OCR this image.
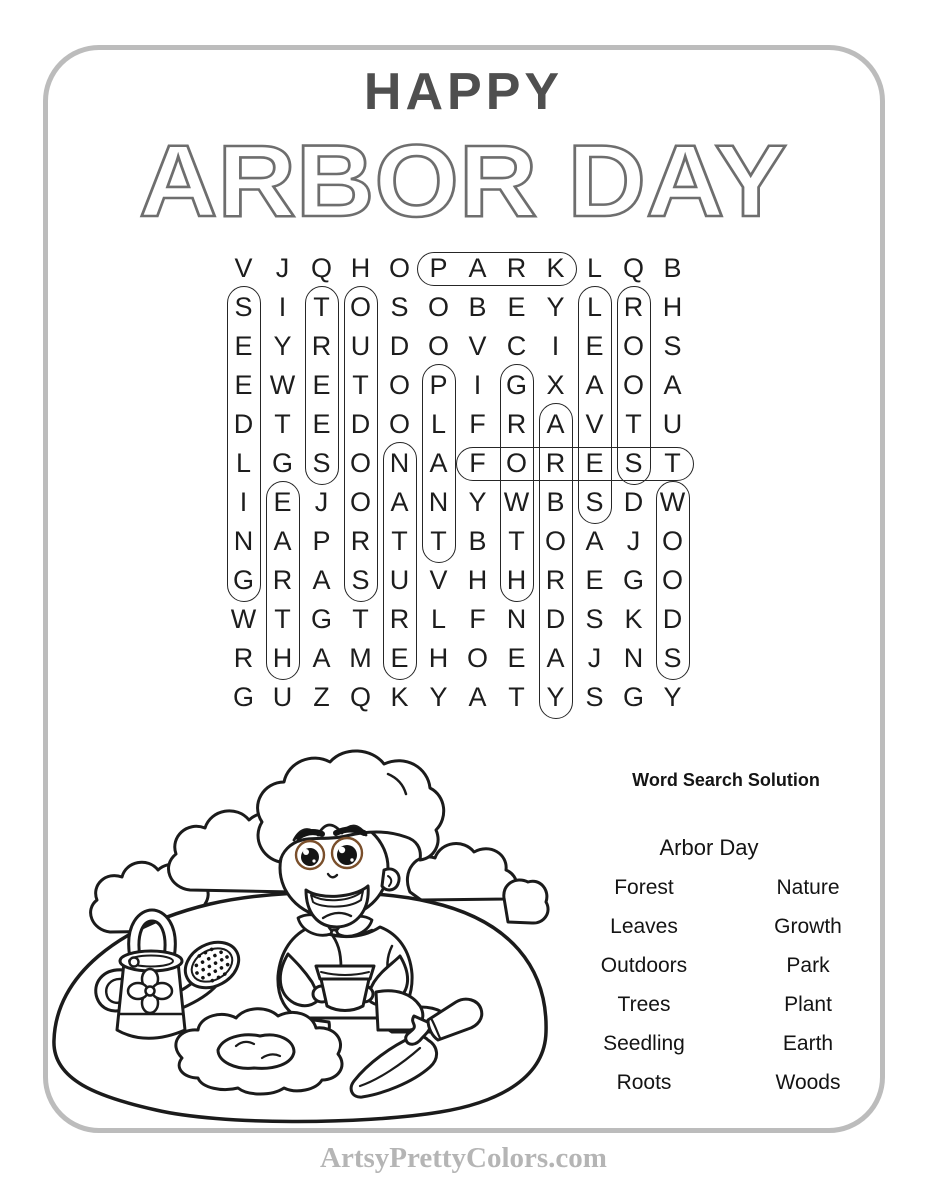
HAPPY
ARBOR DAY
V J Q H O P A R K L Q B
S I	T O S O B E Y L R H
E Y R U D O V C I E O S
E W E T O P I G X A O A
D T E D O L F R A V T U
L G S O N A F O R E S T
I E J O A N Y W B S D W
N A P R T T B T O A J O
G R A S U V H H R E G O
W T G T R L F N D S K D
R H A M E H O E A J N S
G U Z Q K Y A T Y S G Y
Word Search Solution
Arbor Day
Forest
Leaves
Outdoors
Trees
Seedling
Roots
Nature
Growth
Park
Plant
Earth
Woods
ArtsyPrettyColors.com
